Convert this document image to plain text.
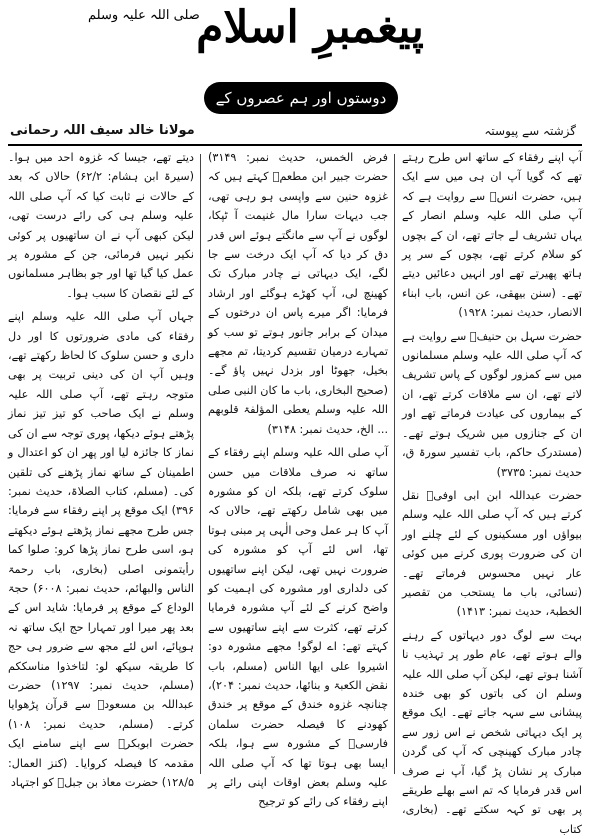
پیغمبرِ اسلام
صلی اللہ علیہ وسلم
دوستوں اور ہم عصروں کے ساتھ
مولانا خالد سیف اللہ رحمانی	گزشتہ سے پیوستہ

آپ اپنے رفقاء کے ساتھ اس طرح رہتے تھے کہ گویا آپ ان ہی میں سے ایک ہیں، حضرت انسؓ سے روایت ہے کہ آپ صلی اللہ علیہ وسلم انصار کے یہاں تشریف لے جاتے تھے، ان کے بچوں کو سلام کرتے تھے، بچوں کے سر پر ہاتھ پھیرتے تھے اور انہیں دعائیں دیتے تھے۔ (سنن بیھقی، عن انس، باب ابناء الانصار، حدیث نمبر: ۱۹۲۸)

حضرت سہل بن حنیفؓ سے روایت ہے کہ آپ صلی اللہ علیہ وسلم مسلمانوں میں سے کمزور لوگوں کے پاس تشریف لاتے تھے، ان سے ملاقات کرتے تھے، ان کے بیماروں کی عیادت فرماتے تھے اور ان کے جنازوں میں شریک ہوتے تھے۔ (مستدرک حاکم، باب تفسیر سورۃ ق، حدیث نمبر: ۳۷۳۵)

حضرت عبداللہ ابن ابی اوفیؓ نقل کرتے ہیں کہ آپ صلی اللہ علیہ وسلم بیواؤں اور مسکینوں کے لئے چلنے اور ان کی ضرورت پوری کرنے میں کوئی عار نہیں محسوس فرماتے تھے۔ (نسائی، باب ما یستحب من تقصیر الخطبۃ، حدیث نمبر: ۱۴۱۳)

بہت سے لوگ دور دیہاتوں کے رہنے والے ہوتے تھے، عام طور پر تہذیب نا آشنا ہوتے تھے، لیکن آپ صلی اللہ علیہ وسلم ان کی باتوں کو بھی خندہ پیشانی سے سہہ جاتے تھے۔ ایک موقع پر ایک دیہاتی شخص نے اس زور سے چادر مبارک کھینچی کہ آپ کی گردن مبارک پر نشان پڑ گیا، آپ نے صرف اس قدر فرمایا کہ تم اسے بھلے طریقے پر بھی تو کہہ سکتے تھے۔ (بخاری، کتاب

فرض الخمس، حدیث نمبر: ۳۱۴۹) حضرت جبیر ابن مطعمؓ کہتے ہیں کہ غزوہ حنین سے واپسی ہو رہی تھی، جب دیہات سارا مال غنیمت آ ٹپکا، لوگوں نے آپ سے مانگتے ہوئے اس قدر دق کر دیا کہ آپ ایک درخت سے جا لگے، ایک دیہاتی نے چادر مبارک تک کھینچ لی، آپ کھڑے ہوگئے اور ارشاد فرمایا: اگر میرے پاس ان درختوں کے میدان کے برابر جانور ہوتے تو سب کو تمہارے درمیان تقسیم کردیتا، تم مجھے بخیل، جھوٹا اور بزدل نہیں پاؤ گے۔ (صحیح البخاری، باب ما کان النبی صلی اللہ علیہ وسلم یعطی المؤلفۃ قلوبھم ... الخ، حدیث نمبر: ۳۱۴۸)

آپ صلی اللہ علیہ وسلم اپنے رفقاء کے ساتھ نہ صرف ملاقات میں حسن سلوک کرتے تھے، بلکہ ان کو مشورہ میں بھی شامل رکھتے تھے، حالاں کہ آپ کا ہر عمل وحی الٰہی پر مبنی ہوتا تھا، اس لئے آپ کو مشورہ کی ضرورت نہیں تھی، لیکن اپنے ساتھیوں کی دلداری اور مشورہ کی اہمیت کو واضح کرنے کے لئے آپ مشورہ فرمایا کرتے تھے، کثرت سے اپنے ساتھیوں سے کہتے تھے: اے لوگو! مجھے مشورہ دو: اشیروا علی ایھا الناس (مسلم، باب نقض الکعبۃ و بنائھا، حدیث نمبر: ۲۰۴)، چنانچہ غزوہ خندق کے موقع پر خندق کھودنے کا فیصلہ حضرت سلمان فارسیؓ کے مشورہ سے ہوا، بلکہ ایسا بھی ہوتا تھا کہ آپ صلی اللہ علیہ وسلم بعض اوقات اپنی رائے پر اپنے رفقاء کی رائے کو ترجیح

دیتے تھے، جیسا کہ غزوہ احد میں ہوا۔ (سیرۃ ابن ہشام: ۶۲/۲) حالاں کہ بعد کے حالات نے ثابت کیا کہ آپ صلی اللہ علیہ وسلم ہی کی رائے درست تھی، لیکن کبھی آپ نے ان ساتھیوں پر کوئی نکیر نہیں فرمائی، جن کے مشورہ پر عمل کیا گیا تھا اور جو بظاہر مسلمانوں کے لئے نقصان کا سبب ہوا۔

جہاں آپ صلی اللہ علیہ وسلم اپنے رفقاء کی مادی ضرورتوں کا اور دل داری و حسن سلوک کا لحاظ رکھتے تھے، وہیں آپ ان کی دینی تربیت پر بھی متوجہ رہتے تھے، آپ صلی اللہ علیہ وسلم نے ایک صاحب کو تیز تیز نماز پڑھتے ہوئے دیکھا، پوری توجہ سے ان کی نماز کا جائزہ لیا اور پھر ان کو اعتدال و اطمینان کے ساتھ نماز پڑھنے کی تلقین کی۔ (مسلم، کتاب الصلاۃ، حدیث نمبر: ۳۹۶) ایک موقع پر اپنے رفقاء سے فرمایا: جس طرح مجھے نماز پڑھتے ہوئے دیکھتے ہو، اسی طرح نماز پڑھا کرو: صلوا کما رأیتمونی اصلی (بخاری، باب رحمۃ الناس والبھائم، حدیث نمبر: ۶۰۰۸) حجۃ الوداع کے موقع پر فرمایا: شاید اس کے بعد پھر میرا اور تمہارا حج ایک ساتھ نہ ہوپائے، اس لئے مجھ سے ضرور ہی حج کا طریقہ سیکھ لو: لتاخذوا مناسککم (مسلم، حدیث نمبر: ۱۲۹۷) حضرت عبداللہ بن مسعودؓ سے قرآن پڑھوایا کرتے۔ (مسلم، حدیث نمبر: ۱۰۸) حضرت ابوبکرؓ سے اپنے سامنے ایک مقدمہ کا فیصلہ کروایا۔ (کنز العمال: ۱۲۸/۵) حضرت معاذ بن جبلؓ کو اجتہاد
